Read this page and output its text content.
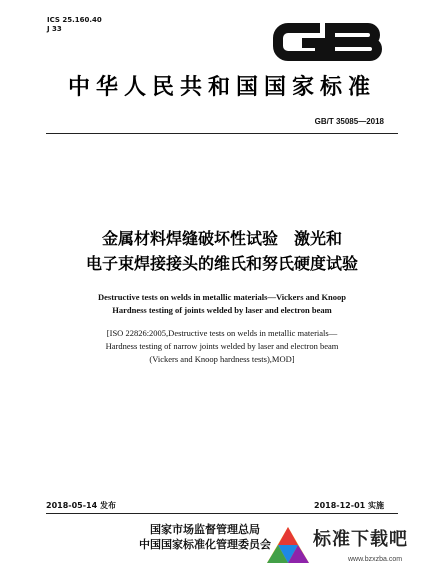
ICS 25.160.40
J 33
中华人民共和国国家标准
GB/T 35085—2018
金属材料焊缝破坏性试验　激光和
电子束焊接接头的维氏和努氏硬度试验
Destructive tests on welds in metallic materials—Vickers and Knoop
Hardness testing of joints welded by laser and electron beam
[ISO 22826:2005,Destructive tests on welds in metallic materials—
Hardness testing of narrow joints welded by laser and electron beam
(Vickers and Knoop hardness tests),MOD]
2018-05-14 发布	2018-12-01 实施
国家市场监督管理总局
中国国家标准化管理委员会	标准下载吧
www.bzxzba.com
